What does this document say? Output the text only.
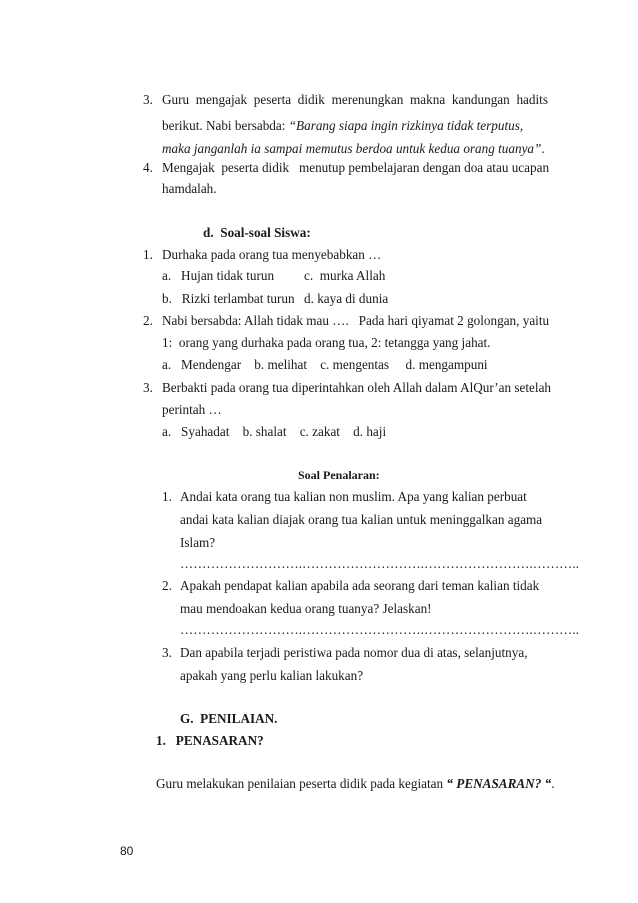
3. Guru mengajak peserta didik merenungkan makna kandungan hadits
berikut. Nabi bersabda: “Barang siapa ingin rizkinya tidak terputus,
maka janganlah ia sampai memutus berdoa untuk kedua orang tuanya”.
4. Mengajak  peserta didik   menutup pembelajaran dengan doa atau ucapan
hamdalah.
d. Soal-soal Siswa:
1. Durhaka pada orang tua menyebabkan …
a.   Hujan tidak turun c.  murka Allah
b.   Rizki terlambat turun d. kaya di dunia
2. Nabi bersabda: Allah tidak mau ….   Pada hari qiyamat 2 golongan, yaitu
1:  orang yang durhaka pada orang tua, 2: tetangga yang jahat.
a.   Mendengar    b. melihat    c. mengentas     d. mengampuni
3. Berbakti pada orang tua diperintahkan oleh Allah dalam AlQur’an setelah
perintah …
a.   Syahadat    b. shalat    c. zakat    d. haji
Soal Penalaran:
1. Andai kata orang tua kalian non muslim. Apa yang kalian perbuat
andai kata kalian diajak orang tua kalian untuk meninggalkan agama
Islam?
……………………….……………………….…………………….………..
2. Apakah pendapat kalian apabila ada seorang dari teman kalian tidak
mau mendoakan kedua orang tuanya? Jelaskan!
……………………….……………………….…………………….………..
3. Dan apabila terjadi peristiwa pada nomor dua di atas, selanjutnya,
apakah yang perlu kalian lakukan?
G. PENILAIAN.
1. PENASARAN?
Guru melakukan penilaian peserta didik pada kegiatan “ PENASARAN? “.
80
